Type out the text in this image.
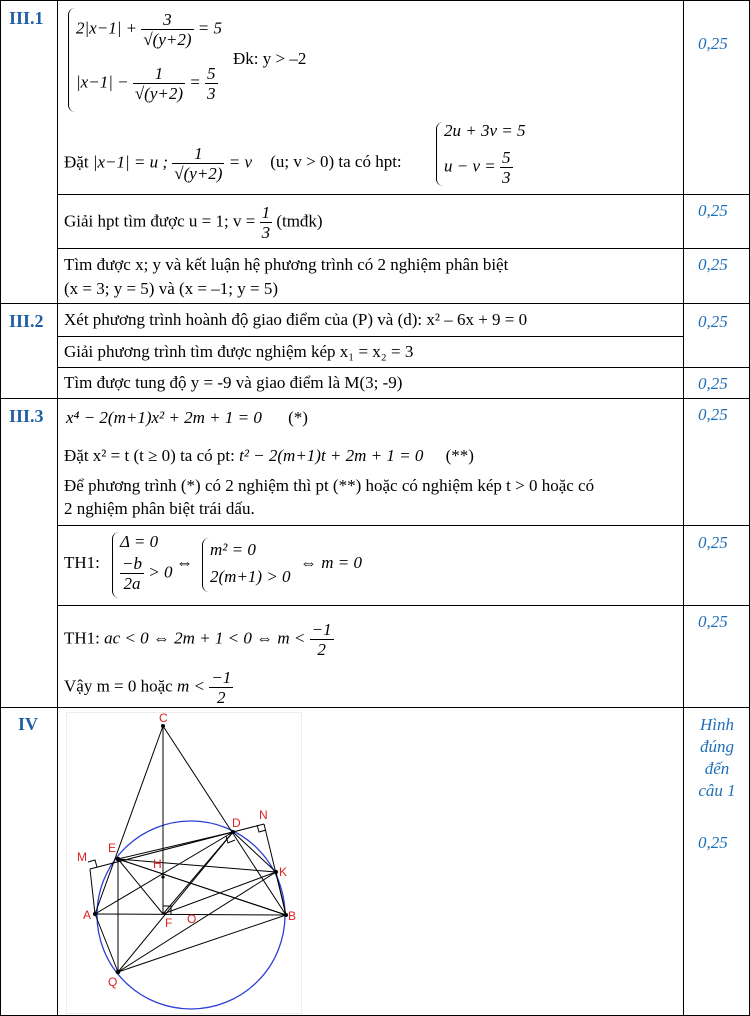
III.1
III.2
III.3
IV
0,25
0,25
0,25
0,25
0,25
0,25
0,25
0,25
0,25
Hình
đúng
đến
câu 1
$2|x-1| + \frac{3}{√(y+2)} = 5$
$|x-1| - \frac{1}{√(y+2)} = \frac{5}{3}$
Đk: y > –2
Đặt |x−1| = u ; $\frac{1}{√(y+2)} = v$ (u; v > 0) ta có hpt:
2u + 3v = 5
$u - v = \frac{5}{3}$
Giải hpt tìm được u = 1; $v = \frac{1}{3}$ (tmđk)
Tìm được x; y và kết luận hệ phương trình có 2 nghiệm phân biệt
(x = 3; y = 5) và (x = –1; y = 5)
Xét phương trình hoành độ giao điểm của (P) và (d): x² – 6x + 9 = 0
Giải phương trình tìm được nghiệm kép x₁ = x₂ = 3
Tìm được tung độ y = -9 và giao điểm là M(3; -9)
x⁴ − 2(m+1)x² + 2m + 1 = 0 (*)
Đặt x² = t (t ≥ 0) ta có pt: t² − 2(m+1)t + 2m + 1 = 0 (**)
Để phương trình (*) có 2 nghiệm thì pt (**) hoặc có nghiệm kép t > 0 hoặc có
2 nghiệm phân biệt trái dấu.
TH1:
Δ = 0
$\frac{-b}{2a} > 0$ ⇔
m² = 0
2(m+1) > 0
⇔ m = 0
TH1: ac < 0 ⇔ 2m + 1 < 0 ⇔ $m < \frac{-1}{2}$
Vậy m = 0 hoặc $m < \frac{-1}{2}$
C
D
N
E
M	H
K
A
F O	B
Q
